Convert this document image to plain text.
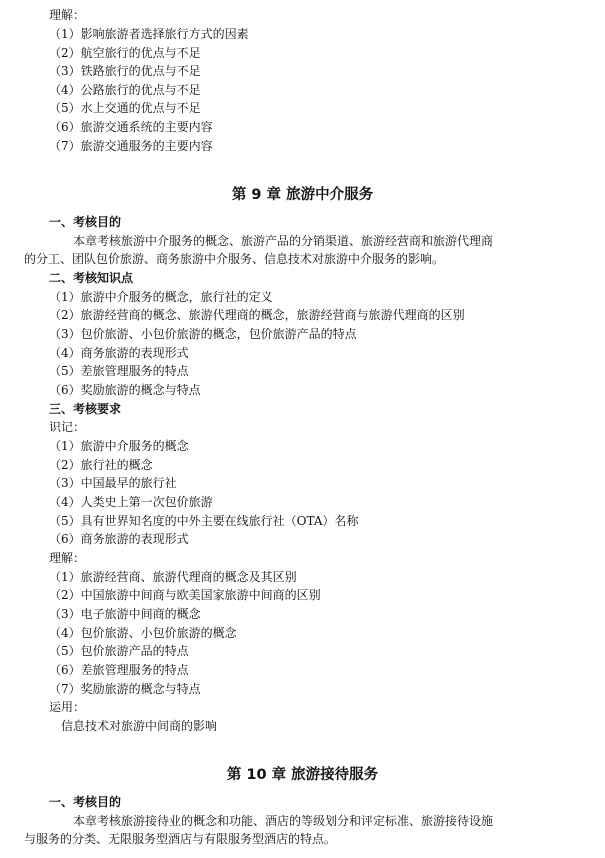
理解：
（1）影响旅游者选择旅行方式的因素
（2）航空旅行的优点与不足
（3）铁路旅行的优点与不足
（4）公路旅行的优点与不足
（5）水上交通的优点与不足
（6）旅游交通系统的主要内容
（7）旅游交通服务的主要内容
第 9 章 旅游中介服务
一、考核目的
本章考核旅游中介服务的概念、旅游产品的分销渠道、旅游经营商和旅游代理商
的分工、团队包价旅游、商务旅游中介服务、信息技术对旅游中介服务的影响。
二、考核知识点
（1）旅游中介服务的概念，旅行社的定义
（2）旅游经营商的概念、旅游代理商的概念，旅游经营商与旅游代理商的区别
（3）包价旅游、小包价旅游的概念，包价旅游产品的特点
（4）商务旅游的表现形式
（5）差旅管理服务的特点
（6）奖励旅游的概念与特点
三、考核要求
识记：
（1）旅游中介服务的概念
（2）旅行社的概念
（3）中国最早的旅行社
（4）人类史上第一次包价旅游
（5）具有世界知名度的中外主要在线旅行社（OTA）名称
（6）商务旅游的表现形式
理解：
（1）旅游经营商、旅游代理商的概念及其区别
（2）中国旅游中间商与欧美国家旅游中间商的区别
（3）电子旅游中间商的概念
（4）包价旅游、小包价旅游的概念
（5）包价旅游产品的特点
（6）差旅管理服务的特点
（7）奖励旅游的概念与特点
运用：
信息技术对旅游中间商的影响
第 10 章 旅游接待服务
一、考核目的
本章考核旅游接待业的概念和功能、酒店的等级划分和评定标准、旅游接待设施
与服务的分类、无限服务型酒店与有限服务型酒店的特点。
